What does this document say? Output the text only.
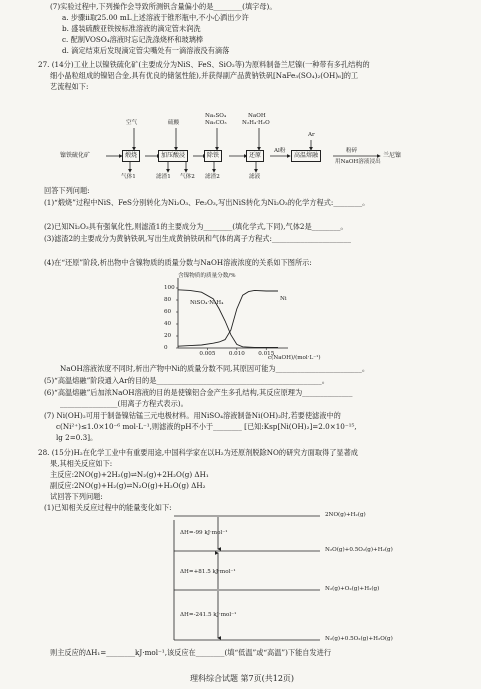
(7)实验过程中,下列操作会导致所测钒含量偏小的是________(填字母)。
a. 步骤ⅱ取25.00 mL上述溶液于锥形瓶中,不小心洒出少许
b. 盛装硫酸亚铁铵标准溶液的滴定管未润洗
c. 配制VOSO₄溶液时忘记洗涤烧杯和玻璃棒
d. 滴定结束后发现滴定管尖嘴处有一滴溶液没有滴落
27. (14分)工业上以镍铁硫化矿(主要成分为NiS、FeS、SiO₂等)为原料制备兰尼镍(一种带有多孔结构的
细小晶粒组成的镍铝合金,具有优良的储氢性能),并获得副产品黄钠铁矾[NaFe₃(SO₄)₂(OH)₆]的工
艺流程如下:
镍铁硫化矿	煅烧	加压酸浸	除铁	还原	高温熔融	兰尼镍
空气	硫酸
Na₂SO₄
Na₂CO₃
NaOH
N₂H₄·H₂O
Al粉
Ar
粉碎
用NaOH溶液浸出
气体1	滤渣1 气体2 滤渣2	滤液
回答下列问题:
(1)“煅烧”过程中NiS、FeS分别转化为Ni₂O₃、Fe₂O₃,写出NiS转化为Ni₂O₃的化学方程式:________。
(2)已知Ni₂O₃具有强氧化性,则滤渣1的主要成分为________(填化学式,下同),气体2是________。
(3)滤渣2的主要成分为黄钠铁矾,写出生成黄钠铁矾和气体的离子方程式:______________________
(4)在“还原”阶段,析出物中含镍物质的质量分数与NaOH溶液浓度的关系如下图所示:
含镍物质的质量分数/%
c(NaOH)/(mol·L⁻¹)
NiSO₄·N₂H₄
Ni
0
20
40
60
80
100
0.005 0.010 0.015
NaOH溶液浓度不同时,析出产物中Ni的质量分数不同,其原因可能为________________________。
(5)“高温熔融”阶段通入Ar的目的是______________________________________________。
(6)“高温熔融”后加浓NaOH溶液的目的是使镍铝合金产生多孔结构,其反应原理为______________
________________(用离子方程式表示)。
(7) Ni(OH)₂可用于制备镍钴锰三元电极材料。用NiSO₄溶液制备Ni(OH)₂时,若要使滤液中的
c(Ni²⁺)≤1.0×10⁻⁶ mol·L⁻¹,则滤液的pH不小于________ [已知:Ksp[Ni(OH)₂]=2.0×10⁻¹⁵,
lg 2=0.3]。
28. (15分)H₂在化学工业中有重要用途,中国科学家在以H₂为还原剂脱除NO的研究方面取得了显著成
果,其相关反应如下:
主反应:2NO(g)+2H₂(g)⇌N₂(g)+2H₂O(g) ΔH₁
副反应:2NO(g)+H₂(g)⇌N₂O(g)+H₂O(g) ΔH₂
试回答下列问题:
(1)已知相关反应过程中的能量变化如下:
2NO(g)+H₂(g)
N₂O(g)+0.5O₂(g)+H₂(g)
N₂(g)+O₂(g)+H₂(g)
N₂(g)+0.5O₂(g)+H₂O(g)
ΔH=-99 kJ·mol⁻¹
ΔH=+81.5 kJ·mol⁻¹
ΔH=-241.5 kJ·mol⁻¹
则主反应的ΔH₁=________kJ·mol⁻¹,该反应在________(填“低温”或“高温”)下能自发进行
理科综合试题 第7页(共12页)
